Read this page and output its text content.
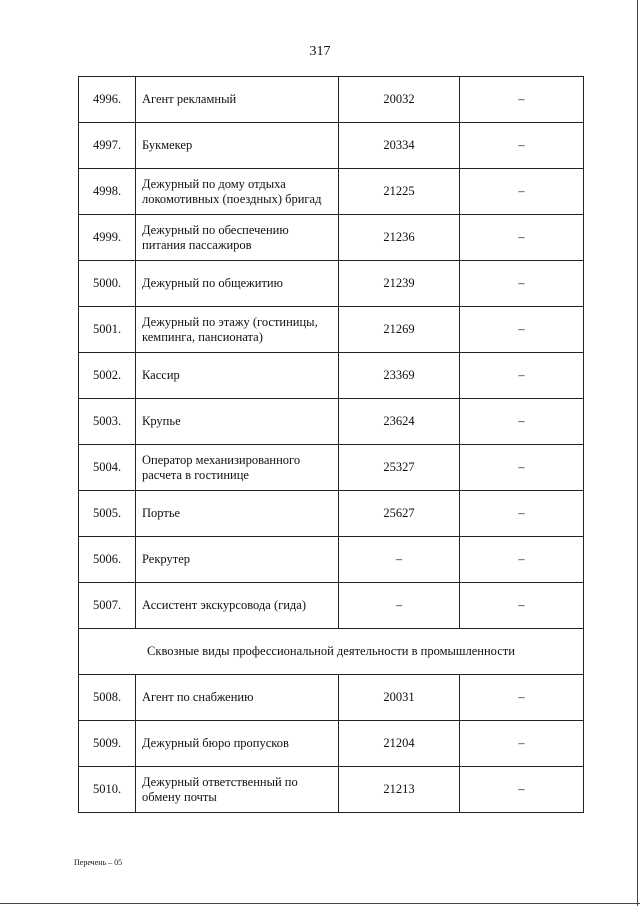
317
4996.	Агент рекламный	20032	–
4997.	Букмекер	20334	–
4998.	Дежурный по дому отдыха локомотивных (поездных) бригад	21225	–
4999.	Дежурный по обеспечению питания пассажиров	21236	–
5000.	Дежурный по общежитию	21239	–
5001.	Дежурный по этажу (гостиницы, кемпинга, пансионата)	21269	–
5002.	Кассир	23369	–
5003.	Крупье	23624	–
5004.	Оператор механизированного расчета в гостинице	25327	–
5005.	Портье	25627	–
5006.	Рекрутер	–	–
5007.	Ассистент экскурсовода (гида)	–	–
Сквозные виды профессиональной деятельности в промышленности			
5008.	Агент по снабжению	20031	–
5009.	Дежурный бюро пропусков	21204	–
5010.	Дежурный ответственный по обмену почты	21213	–
Перечень – 05
